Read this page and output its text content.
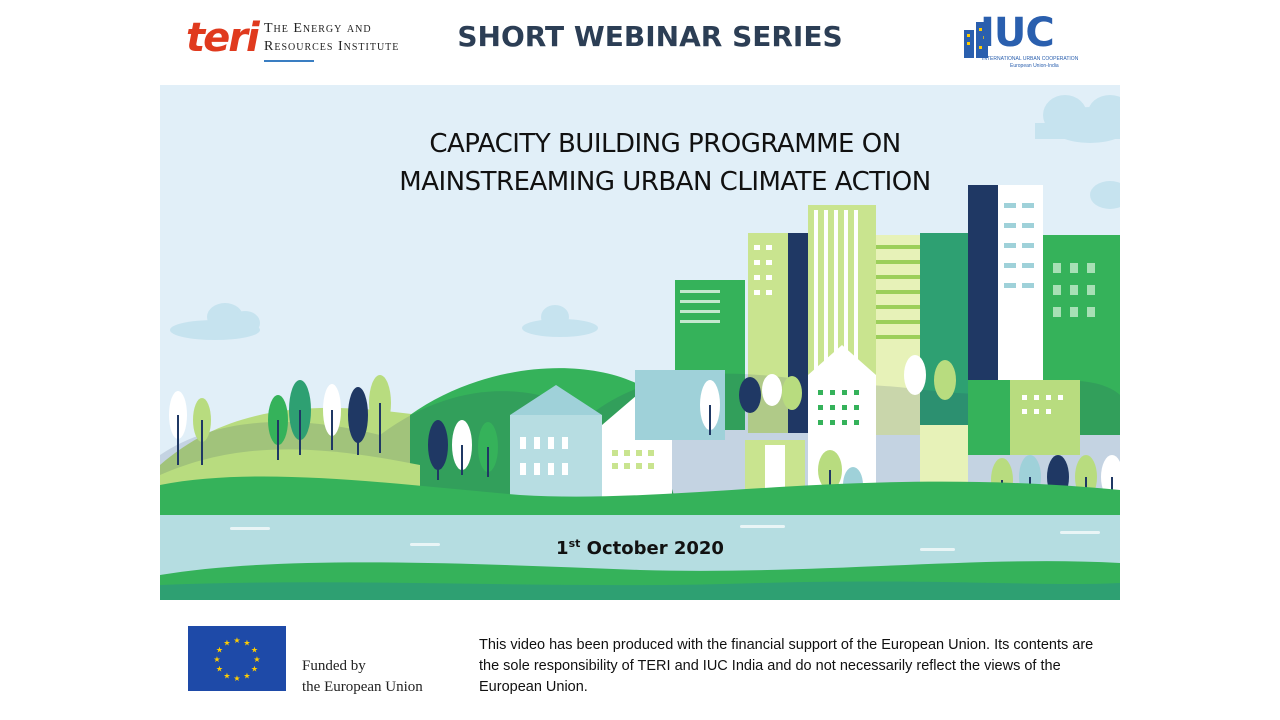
teri The Energy and
Resources Institute	SHORT WEBINAR SERIES	IUC
INTERNATIONAL URBAN COOPERATION
European Union-India
CAPACITY BUILDING PROGRAMME ON
MAINSTREAMING URBAN CLIMATE ACTION
1st October 2020
★ ★
★
★
★
★
★
★
★
★
★
★
Funded by
the European Union
This video has been produced with the financial support of the European Union. Its contents are the sole responsibility of TERI and IUC India and do not necessarily reflect the views of the European Union.
